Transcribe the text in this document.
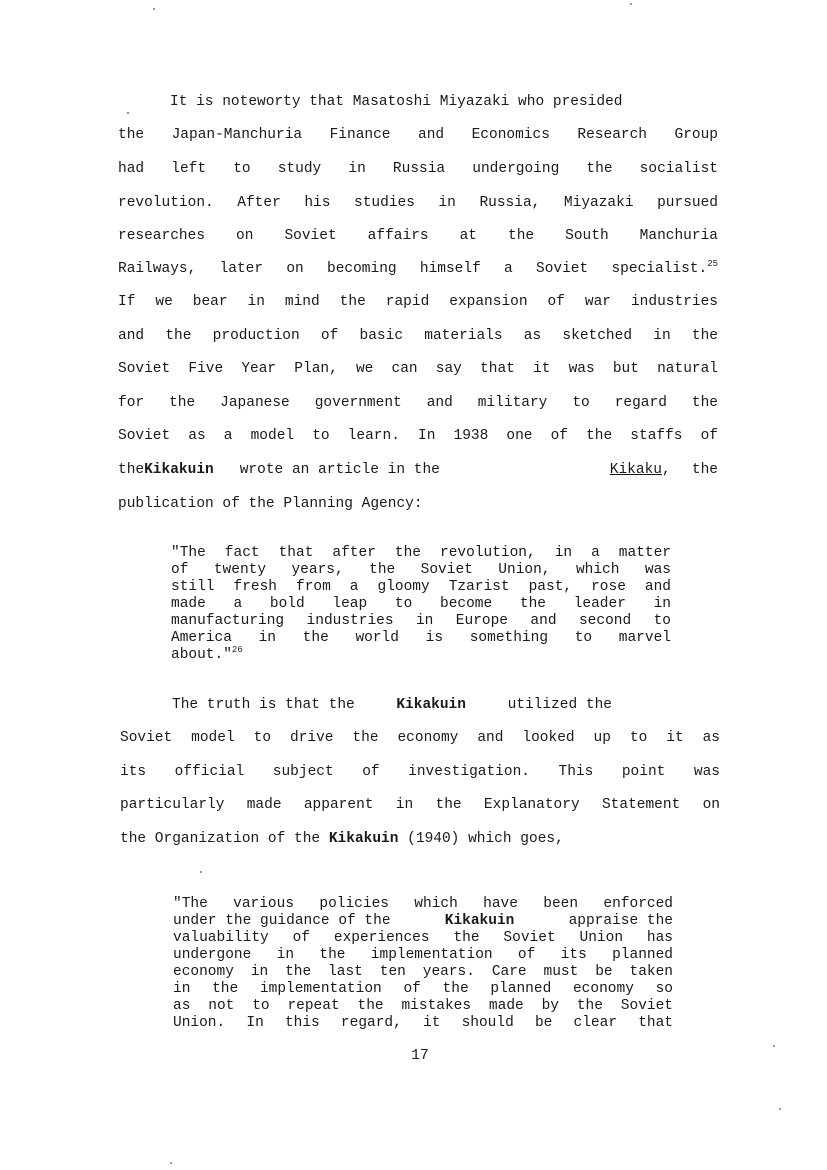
It is noteworty that Masatoshi Miyazaki who presided
the Japan-Manchuria Finance and Economics Research Group
had left to study in Russia undergoing the socialist
revolution. After his studies in Russia, Miyazaki pursued
researches on Soviet affairs at the South Manchuria
Railways, later on becoming himself a Soviet specialist.$^{25}$
If we bear in mind the rapid expansion of war industries
and the production of basic materials as sketched in the
Soviet Five Year Plan, we can say that it was but natural
for the Japanese government and military to regard the
Soviet as a model to learn. In 1938 one of the staffs of
the Kikakuin wrote an article in the	Kikaku, the
publication of the Planning Agency:
"The fact that after the revolution, in a matter
of twenty years, the Soviet Union, which was
still fresh from a gloomy Tzarist past, rose and
made a bold leap to become the leader in
manufacturing industries in Europe and second to
America in the world is something to marvel
about."$^{26}$
The truth is that the	Kikakuin	utilized the
Soviet model to drive the economy and looked up to it as
its official subject of investigation. This point was
particularly made apparent in the Explanatory Statement on
the Organization of the Kikakuin (1940) which goes,
"The various policies which have been enforced
under the guidance of the	Kikakuin	appraise the
valuability of experiences the Soviet Union has
undergone in the implementation of its planned
economy in the last ten years. Care must be taken
in the implementation of the planned economy so
as not to repeat the mistakes made by the Soviet
Union. In this regard, it should be clear that
17
